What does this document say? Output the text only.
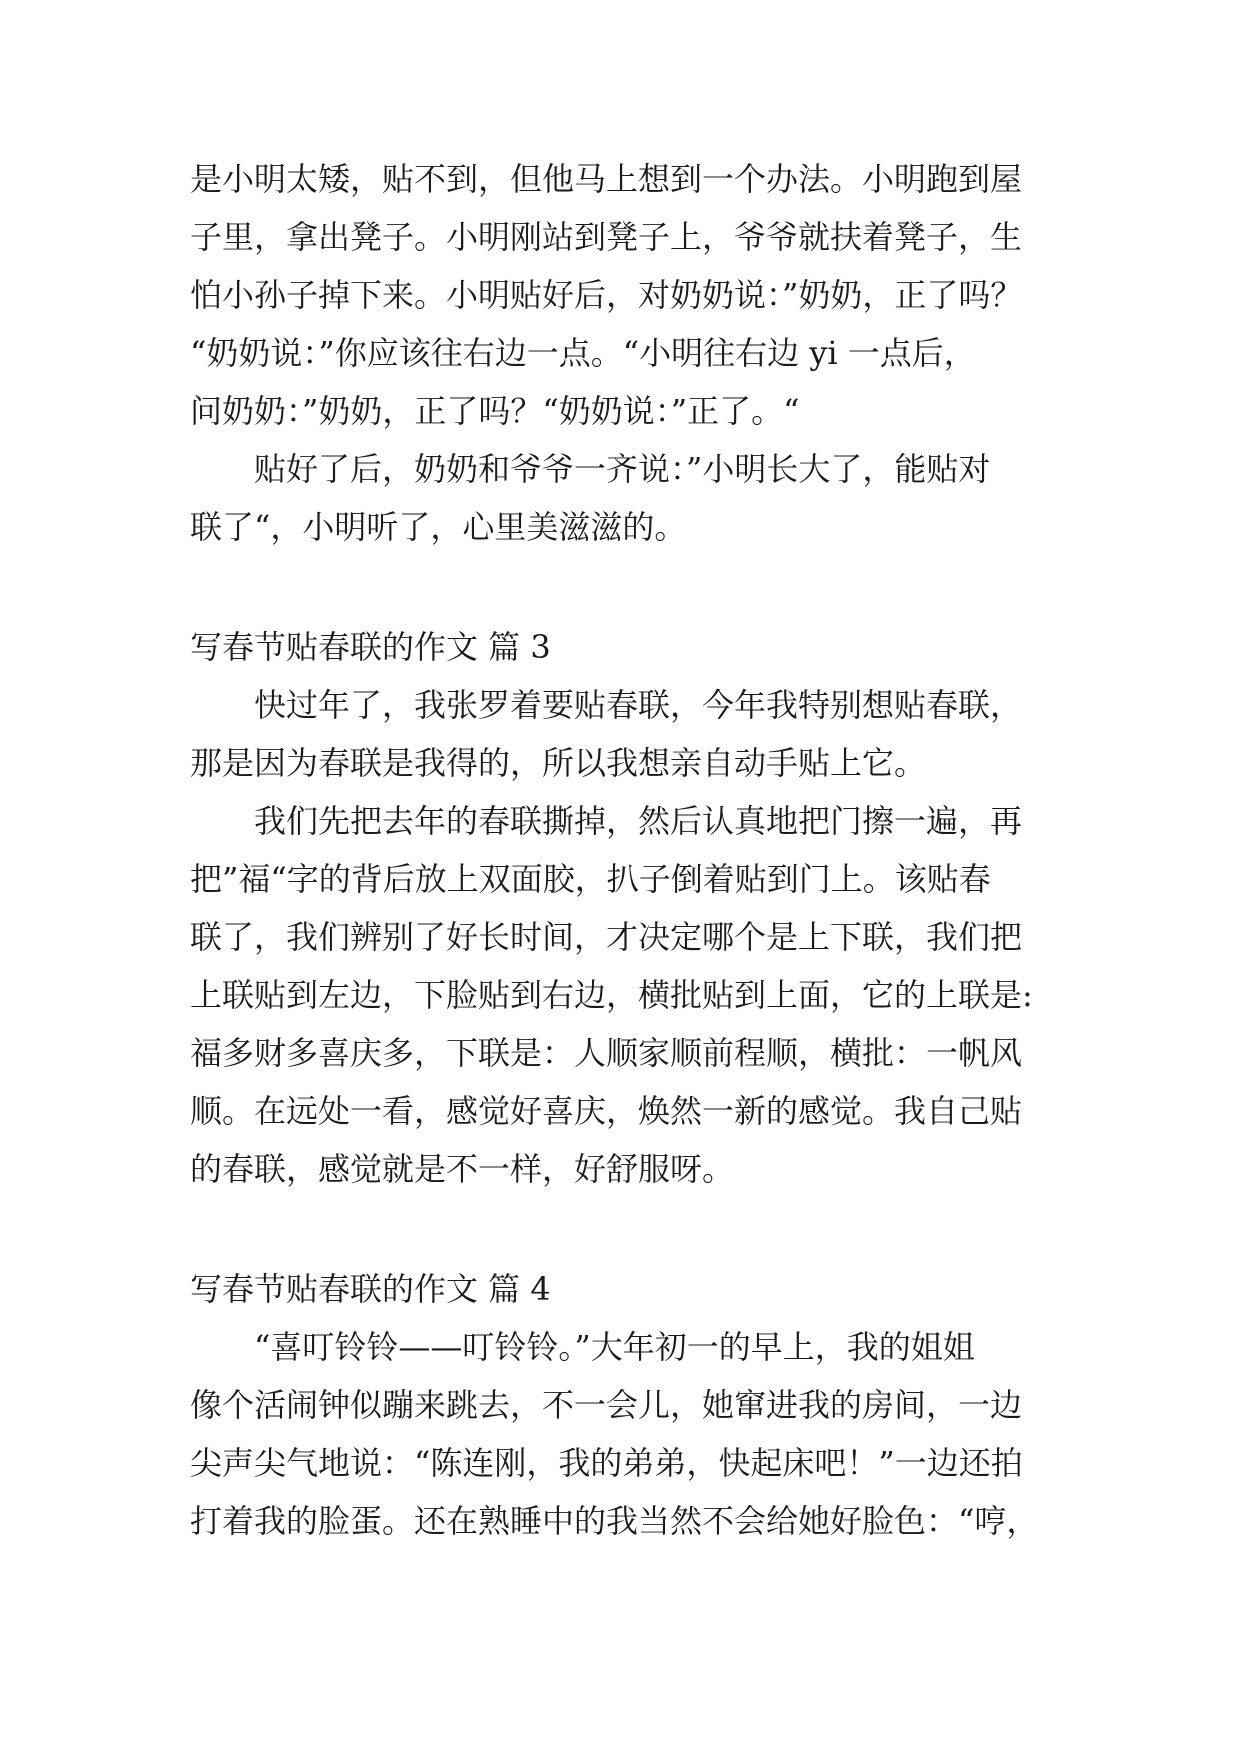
是小明太矮，贴不到，但他马上想到一个办法。小明跑到屋
子里，拿出凳子。小明刚站到凳子上，爷爷就扶着凳子，生
怕小孙子掉下来。小明贴好后，对奶奶说：”奶奶，正了吗？
“奶奶说：”你应该往右边一点。“小明往右边 yi 一点后，
问奶奶：”奶奶，正了吗？“奶奶说：”正了。“
贴好了后，奶奶和爷爷一齐说：”小明长大了，能贴对
联了“，小明听了，心里美滋滋的。
写春节贴春联的作文 篇 3
快过年了，我张罗着要贴春联，今年我特别想贴春联，
那是因为春联是我得的，所以我想亲自动手贴上它。
我们先把去年的春联撕掉，然后认真地把门擦一遍，再
把”福“字的背后放上双面胶，扒子倒着贴到门上。该贴春
联了，我们辨别了好长时间，才决定哪个是上下联，我们把
上联贴到左边，下脸贴到右边，横批贴到上面，它的上联是:
福多财多喜庆多，下联是：人顺家顺前程顺，横批：一帆风
顺。在远处一看，感觉好喜庆，焕然一新的感觉。我自己贴
的春联，感觉就是不一样，好舒服呀。
写春节贴春联的作文 篇 4
“喜叮铃铃——叮铃铃。”大年初一的早上，我的姐姐
像个活闹钟似蹦来跳去，不一会儿，她窜进我的房间，一边
尖声尖气地说：“陈连刚，我的弟弟，快起床吧！”一边还拍
打着我的脸蛋。还在熟睡中的我当然不会给她好脸色：“哼，
